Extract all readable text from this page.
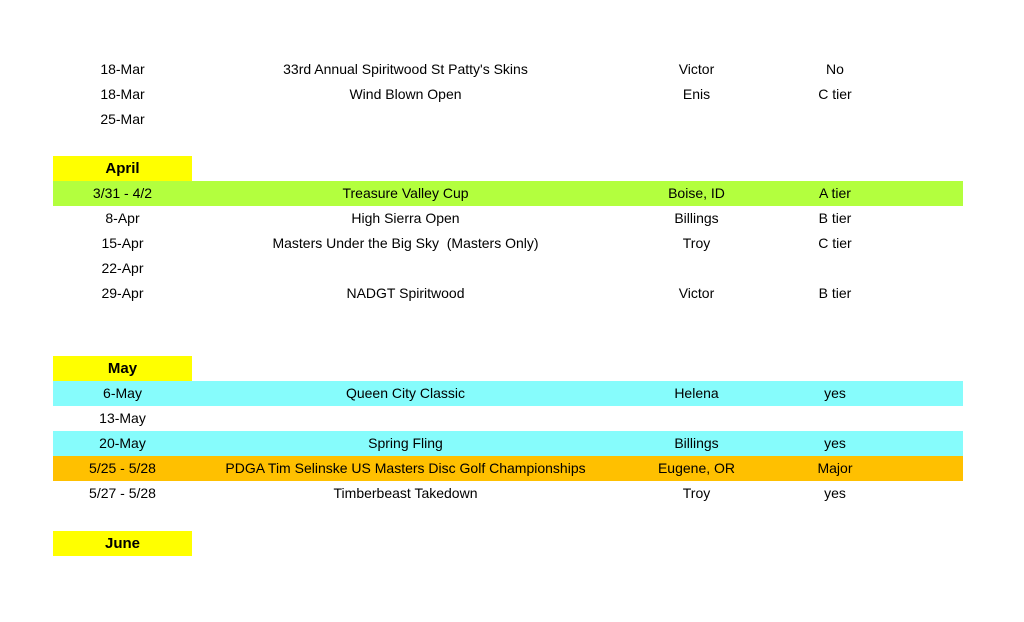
18-Mar	33rd Annual Spiritwood St Patty's Skins	Victor	No
18-Mar	Wind Blown Open	Enis	C tier
25-Mar
April
3/31 - 4/2	Treasure Valley Cup	Boise, ID	A tier
8-Apr	High Sierra Open	Billings	B tier
15-Apr	Masters Under the Big Sky  (Masters Only)	Troy	C tier
22-Apr
29-Apr	NADGT Spiritwood	Victor	B tier
May
6-May	Queen City Classic	Helena	yes
13-May
20-May	Spring Fling	Billings	yes
5/25 - 5/28	PDGA Tim Selinske US Masters Disc Golf Championships	Eugene, OR	Major
5/27 - 5/28	Timberbeast Takedown	Troy	yes
June
